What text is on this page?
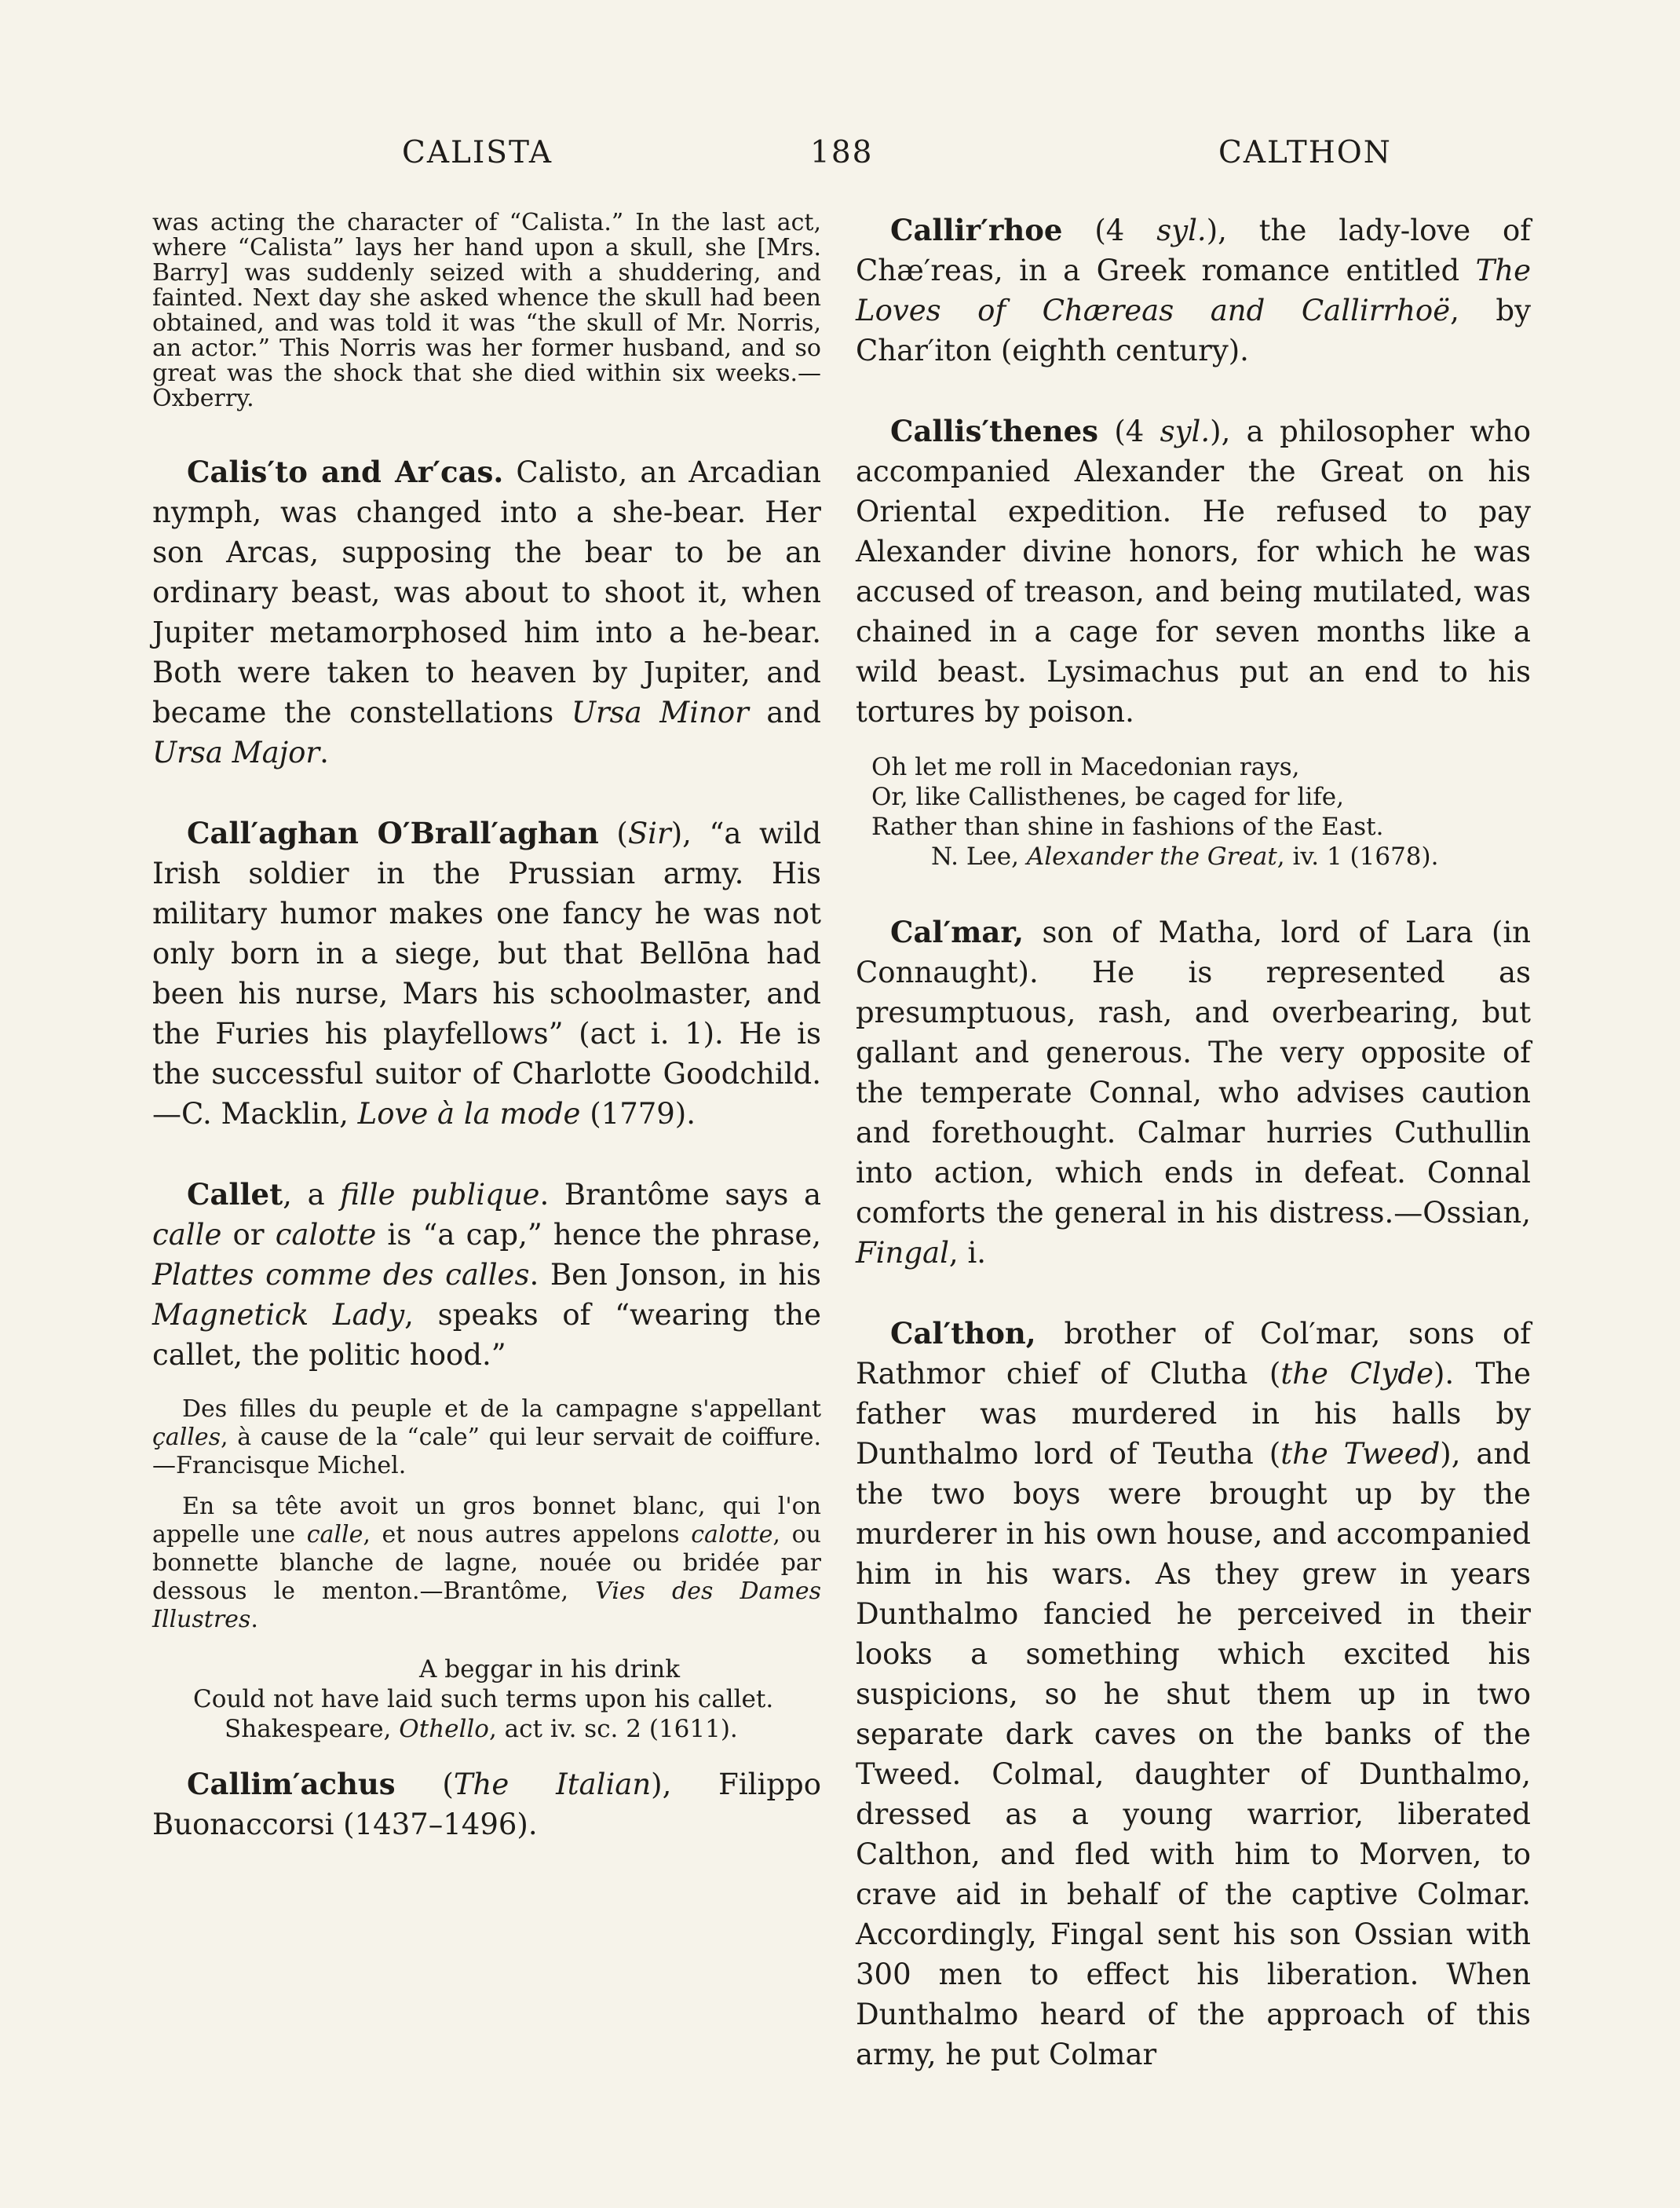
CALISTA	188	CALTHON

was acting the character of “Calista.” In the last act, where “Calista” lays her hand upon a skull, she [Mrs. Barry] was suddenly seized with a shuddering, and fainted. Next day she asked whence the skull had been obtained, and was told it was “the skull of Mr. Norris, an actor.” This Norris was her former husband, and so great was the shock that she died within six weeks.—Oxberry.

Calis′to and Ar′cas. Calisto, an Arcadian nymph, was changed into a she-bear. Her son Arcas, supposing the bear to be an ordinary beast, was about to shoot it, when Jupiter metamorphosed him into a he-bear. Both were taken to heaven by Jupiter, and became the constellations Ursa Minor and Ursa Major.

Call′aghan O′Brall′aghan (Sir), “a wild Irish soldier in the Prussian army. His military humor makes one fancy he was not only born in a siege, but that Bellōna had been his nurse, Mars his schoolmaster, and the Furies his playfellows” (act i. 1). He is the successful suitor of Charlotte Goodchild.—C. Macklin, Love à la mode (1779).

Callet, a fille publique. Brantôme says a calle or calotte is “a cap,” hence the phrase, Plattes comme des calles. Ben Jonson, in his Magnetick Lady, speaks of “wearing the callet, the politic hood.”

Des filles du peuple et de la campagne s'appellant çalles, à cause de la “cale” qui leur servait de coiffure.—Francisque Michel.

En sa tête avoit un gros bonnet blanc, qui l'on appelle une calle, et nous autres appelons calotte, ou bonnette blanche de lagne, nouée ou bridée par dessous le menton.—Brantôme, Vies des Dames Illustres.

A beggar in his drink
Could not have laid such terms upon his callet.
Shakespeare, Othello, act iv. sc. 2 (1611).

Callim′achus (The Italian), Filippo Buonaccorsi (1437–1496).

Callir′rhoe (4 syl.), the lady-love of Chæ′reas, in a Greek romance entitled The Loves of Chæreas and Callirrhoë, by Char′iton (eighth century).

Callis′thenes (4 syl.), a philosopher who accompanied Alexander the Great on his Oriental expedition. He refused to pay Alexander divine honors, for which he was accused of treason, and being mutilated, was chained in a cage for seven months like a wild beast. Lysimachus put an end to his tortures by poison.

Oh let me roll in Macedonian rays,
Or, like Callisthenes, be caged for life,
Rather than shine in fashions of the East.
N. Lee, Alexander the Great, iv. 1 (1678).

Cal′mar, son of Matha, lord of Lara (in Connaught). He is represented as presumptuous, rash, and overbearing, but gallant and generous. The very opposite of the temperate Connal, who advises caution and forethought. Calmar hurries Cuthullin into action, which ends in defeat. Connal comforts the general in his distress.—Ossian, Fingal, i.

Cal′thon, brother of Col′mar, sons of Rathmor chief of Clutha (the Clyde). The father was murdered in his halls by Dunthalmo lord of Teutha (the Tweed), and the two boys were brought up by the murderer in his own house, and accompanied him in his wars. As they grew in years Dunthalmo fancied he perceived in their looks a something which excited his suspicions, so he shut them up in two separate dark caves on the banks of the Tweed. Colmal, daughter of Dunthalmo, dressed as a young warrior, liberated Calthon, and fled with him to Morven, to crave aid in behalf of the captive Colmar. Accordingly, Fingal sent his son Ossian with 300 men to effect his liberation. When Dunthalmo heard of the approach of this army, he put Colmar
